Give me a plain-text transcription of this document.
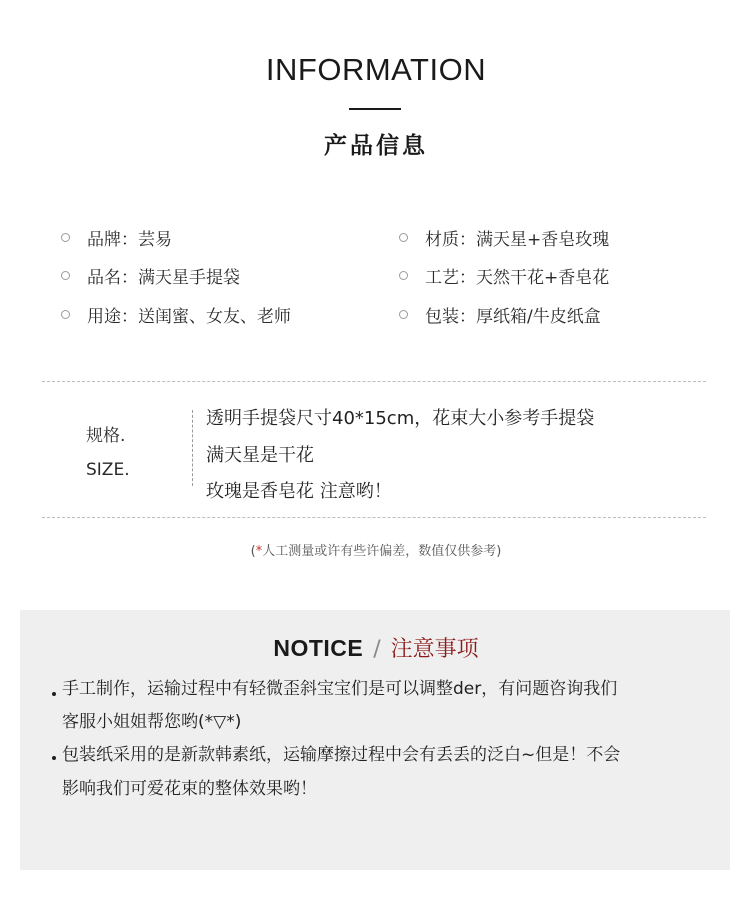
INFORMATION
产品信息
品牌：芸易	材质：满天星+香皂玫瑰
品名：满天星手提袋	工艺：天然干花+香皂花
用途：送闺蜜、女友、老师	包装：厚纸箱/牛皮纸盒
规格.
SIZE.
透明手提袋尺寸40*15cm，花束大小参考手提袋
满天星是干花
玫瑰是香皂花 注意哟！
(*人工测量或许有些许偏差，数值仅供参考)
NOTICE / 注意事项
手工制作，运输过程中有轻微歪斜宝宝们是可以调整der，有问题咨询我们
客服小姐姐帮您哟(*▽*)
包装纸采用的是新款韩素纸，运输摩擦过程中会有丢丢的泛白~但是！不会
影响我们可爱花束的整体效果哟！
